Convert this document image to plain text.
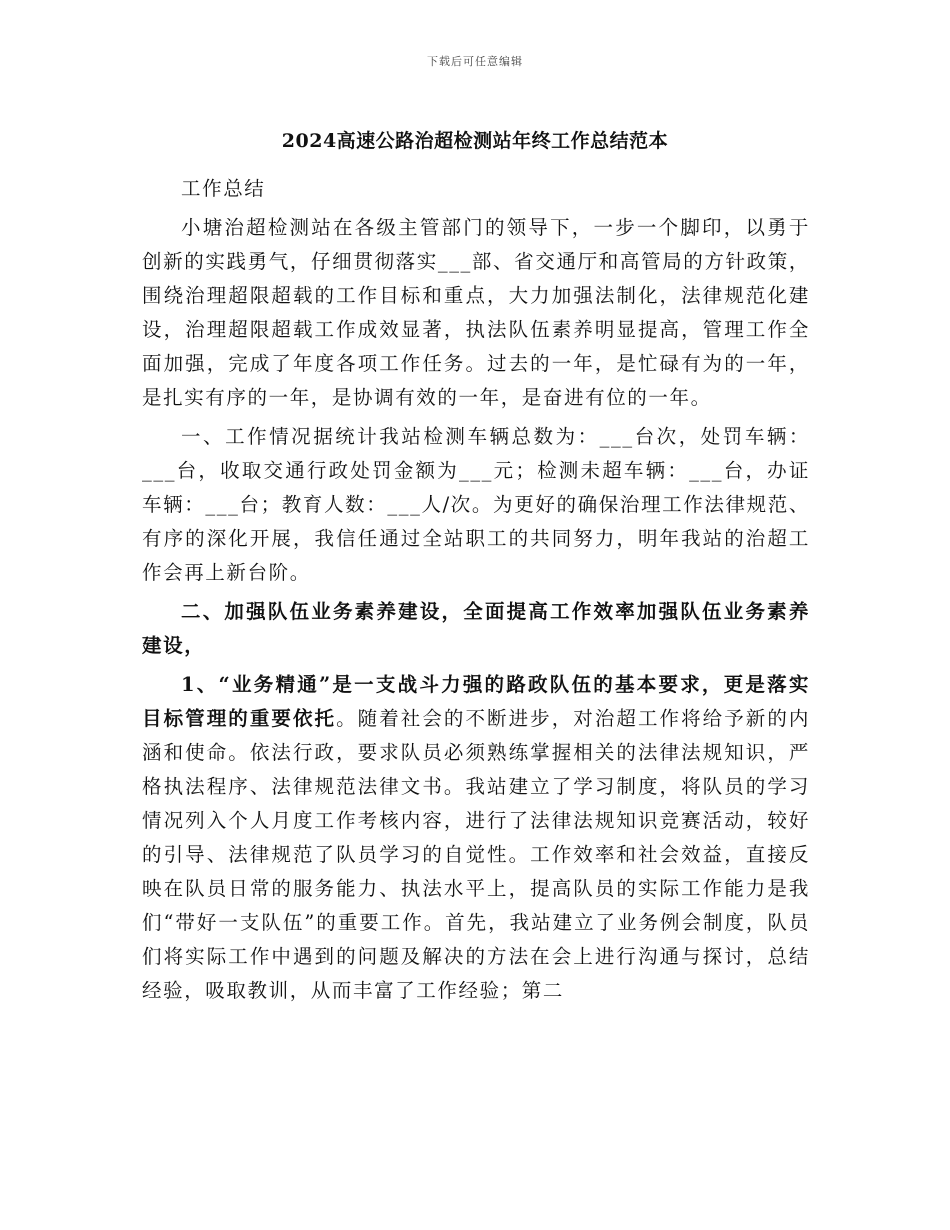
下载后可任意编辑
2024高速公路治超检测站年终工作总结范本

工作总结

小塘治超检测站在各级主管部门的领导下，一步一个脚印，以勇于创新的实践勇气，仔细贯彻落实___部、省交通厅和高管局的方针政策，围绕治理超限超载的工作目标和重点，大力加强法制化，法律规范化建设，治理超限超载工作成效显著，执法队伍素养明显提高，管理工作全面加强，完成了年度各项工作任务。过去的一年，是忙碌有为的一年，是扎实有序的一年，是协调有效的一年，是奋进有位的一年。

一、工作情况据统计我站检测车辆总数为：___台次，处罚车辆：___台，收取交通行政处罚金额为___元；检测未超车辆：___台，办证车辆：___台；教育人数：___人/次。为更好的确保治理工作法律规范、有序的深化开展，我信任通过全站职工的共同努力，明年我站的治超工作会再上新台阶。

二、加强队伍业务素养建设，全面提高工作效率加强队伍业务素养建设，

1、“业务精通”是一支战斗力强的路政队伍的基本要求，更是落实目标管理的重要依托。随着社会的不断进步，对治超工作将给予新的内涵和使命。依法行政，要求队员必须熟练掌握相关的法律法规知识，严格执法程序、法律规范法律文书。我站建立了学习制度，将队员的学习情况列入个人月度工作考核内容，进行了法律法规知识竞赛活动，较好的引导、法律规范了队员学习的自觉性。工作效率和社会效益，直接反映在队员日常的服务能力、执法水平上，提高队员的实际工作能力是我们“带好一支队伍”的重要工作。首先，我站建立了业务例会制度，队员们将实际工作中遇到的问题及解决的方法在会上进行沟通与探讨，总结经验，吸取教训，从而丰富了工作经验；第二
